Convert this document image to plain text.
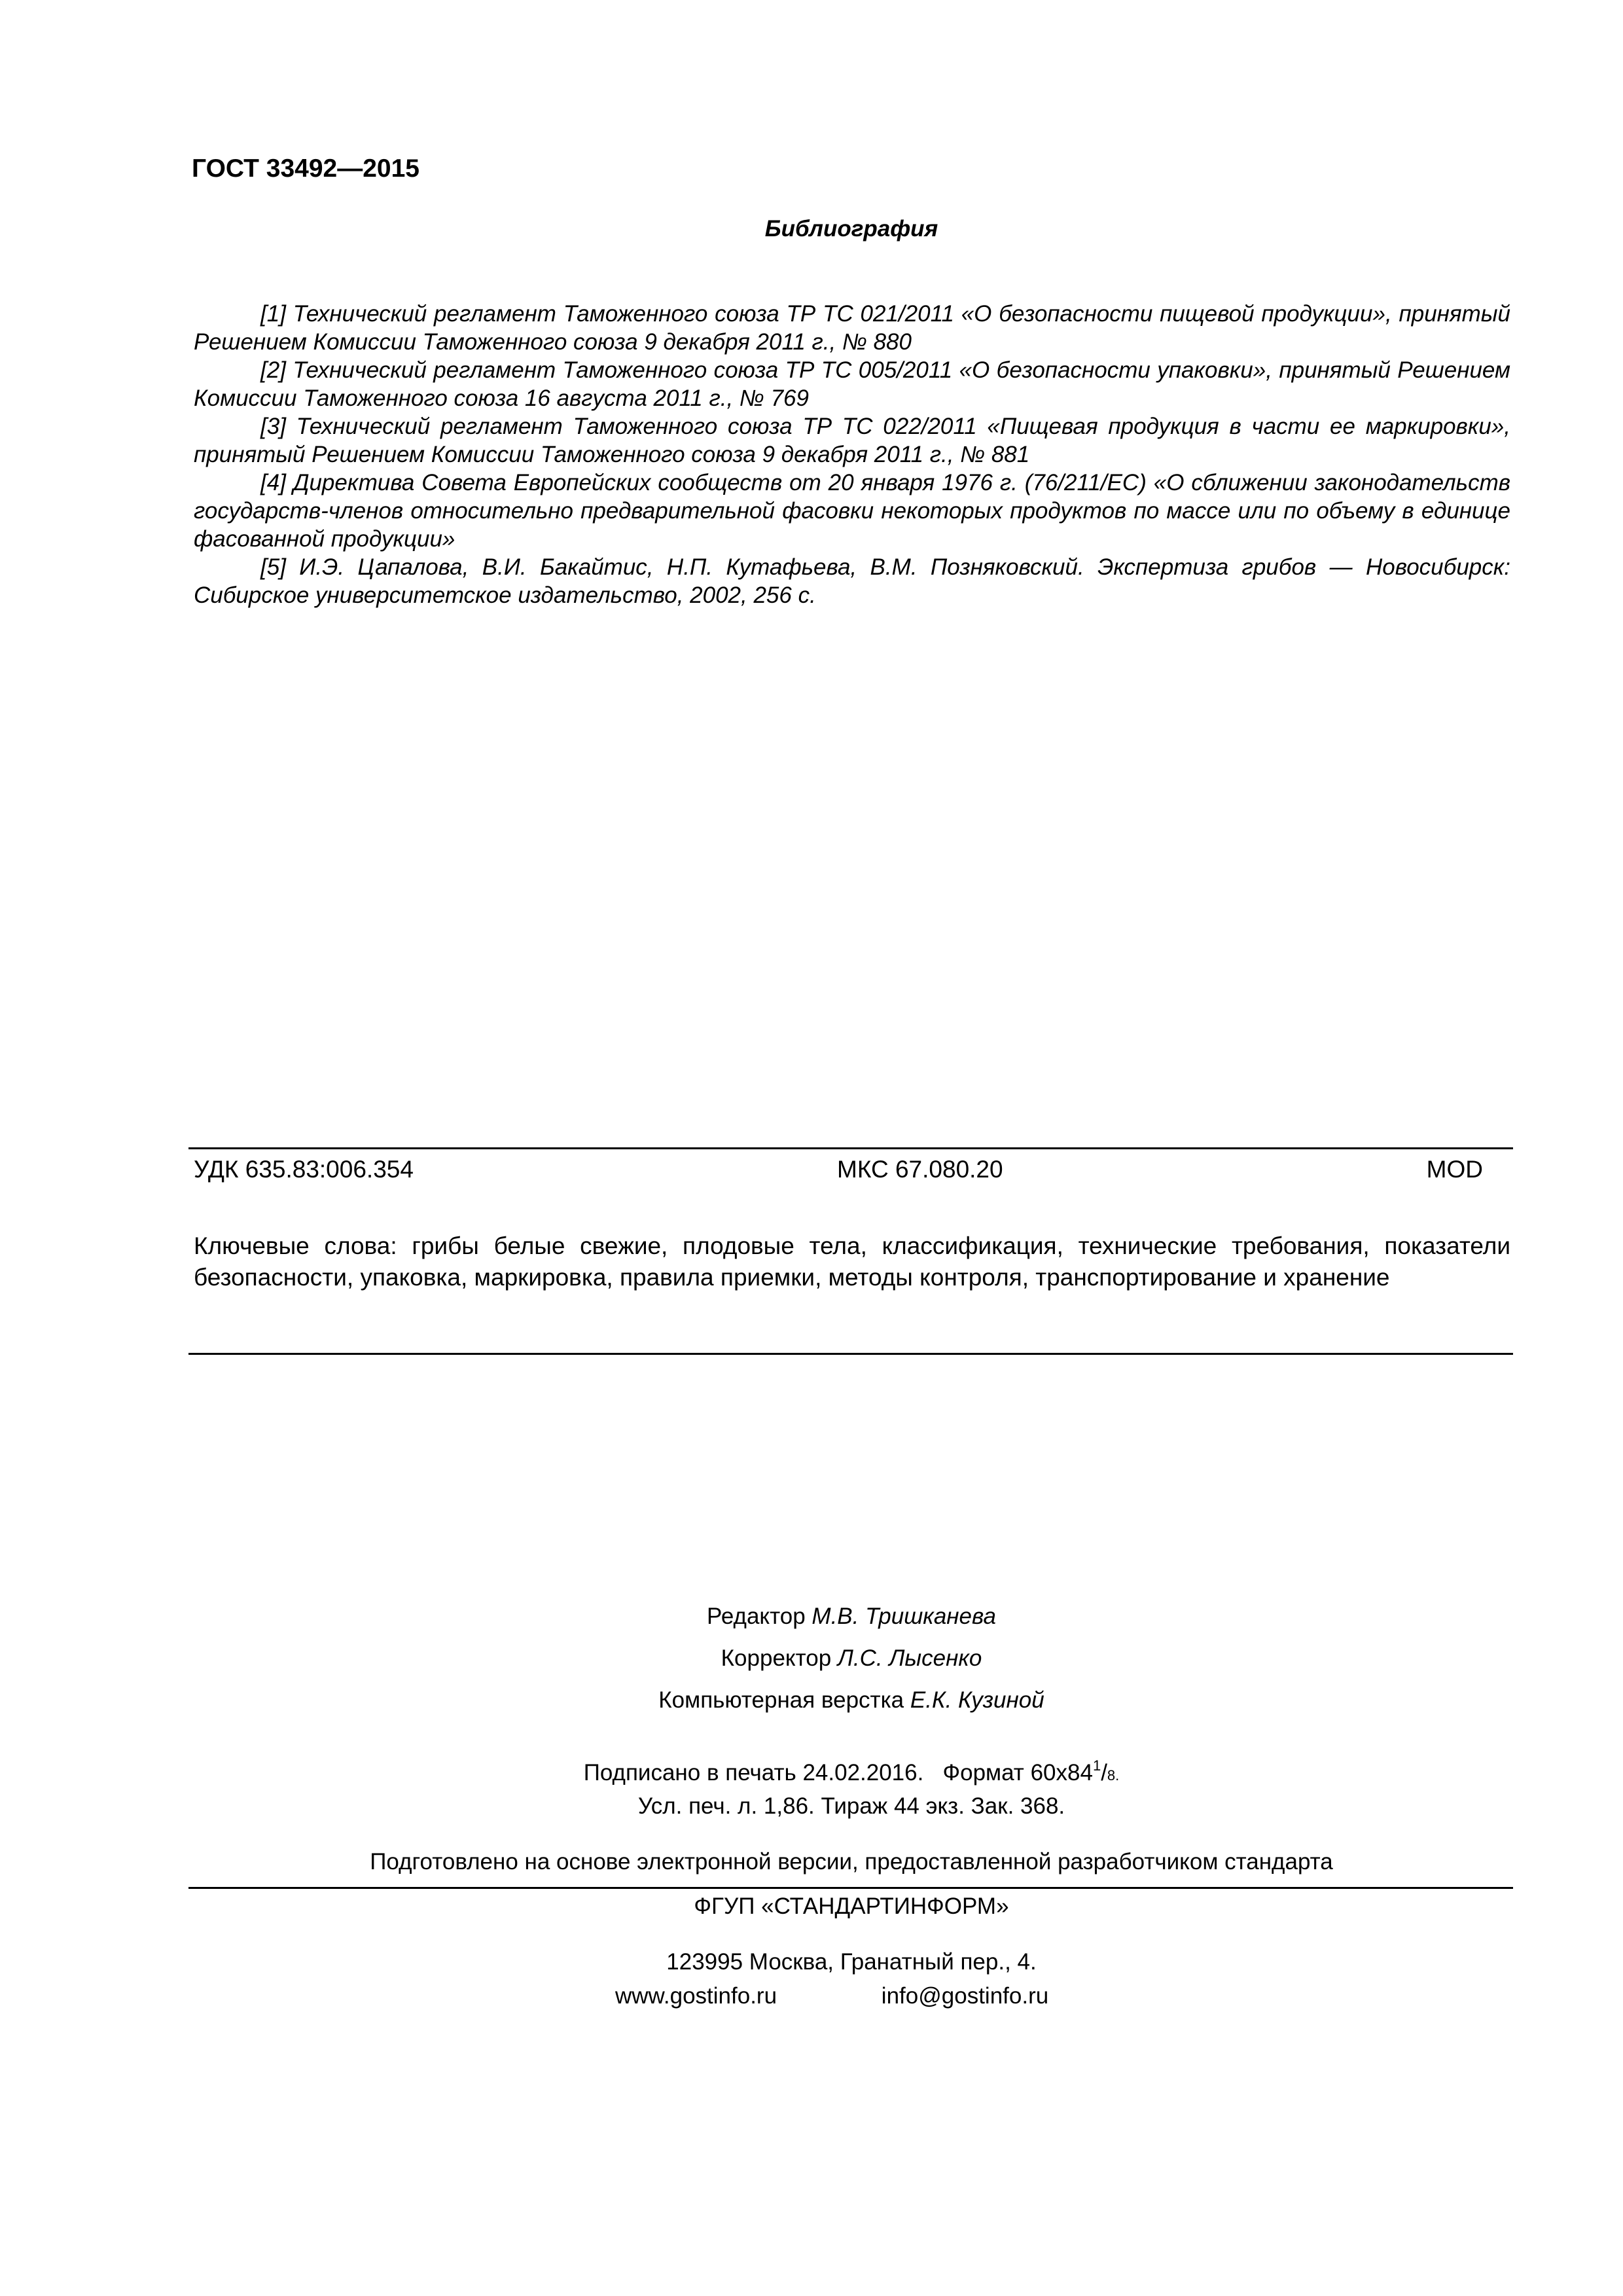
ГОСТ 33492—2015
Библиография

[1] Технический регламент Таможенного союза ТР ТС 021/2011 «О безопасности пищевой продукции», принятый Решением Комиссии Таможенного союза 9 декабря 2011 г., № 880

[2] Технический регламент Таможенного союза ТР ТС 005/2011 «О безопасности упаковки», принятый Решением Комиссии Таможенного союза 16 августа 2011 г., № 769

[3] Технический регламент Таможенного союза ТР ТС 022/2011 «Пищевая продукция в части ее маркировки», принятый Решением Комиссии Таможенного союза 9 декабря 2011 г., № 881

[4] Директива Совета Европейских сообществ от 20 января 1976 г. (76/211/ЕС) «О сближении законодательств государств-членов относительно предварительной фасовки некоторых продуктов по массе или по объему в единице фасованной продукции»

[5] И.Э. Цапалова, В.И. Бакайтис, Н.П. Кутафьева, В.М. Позняковский. Экспертиза грибов — Новосибирск: Сибирское университетское издательство, 2002, 256 с.

УДК 635.83:006.354	МКС 67.080.20	MOD
Ключевые слова: грибы белые свежие, плодовые тела, классификация, технические требования, показатели безопасности, упаковка, маркировка, правила приемки, методы контроля, транспортирование и хранение
Редактор М.В. Тришканева
Корректор Л.С. Лысенко
Компьютерная верстка Е.К. Кузиной
Подписано в печать 24.02.2016.   Формат $60х84^1/8$.
Усл. печ. л. 1,86. Тираж 44 экз. Зак. 368.
Подготовлено на основе электронной версии, предоставленной разработчиком стандарта
ФГУП «СТАНДАРТИНФОРМ»
123995 Москва, Гранатный пер., 4.
www.gostinfo.ru	info@gostinfo.ru
